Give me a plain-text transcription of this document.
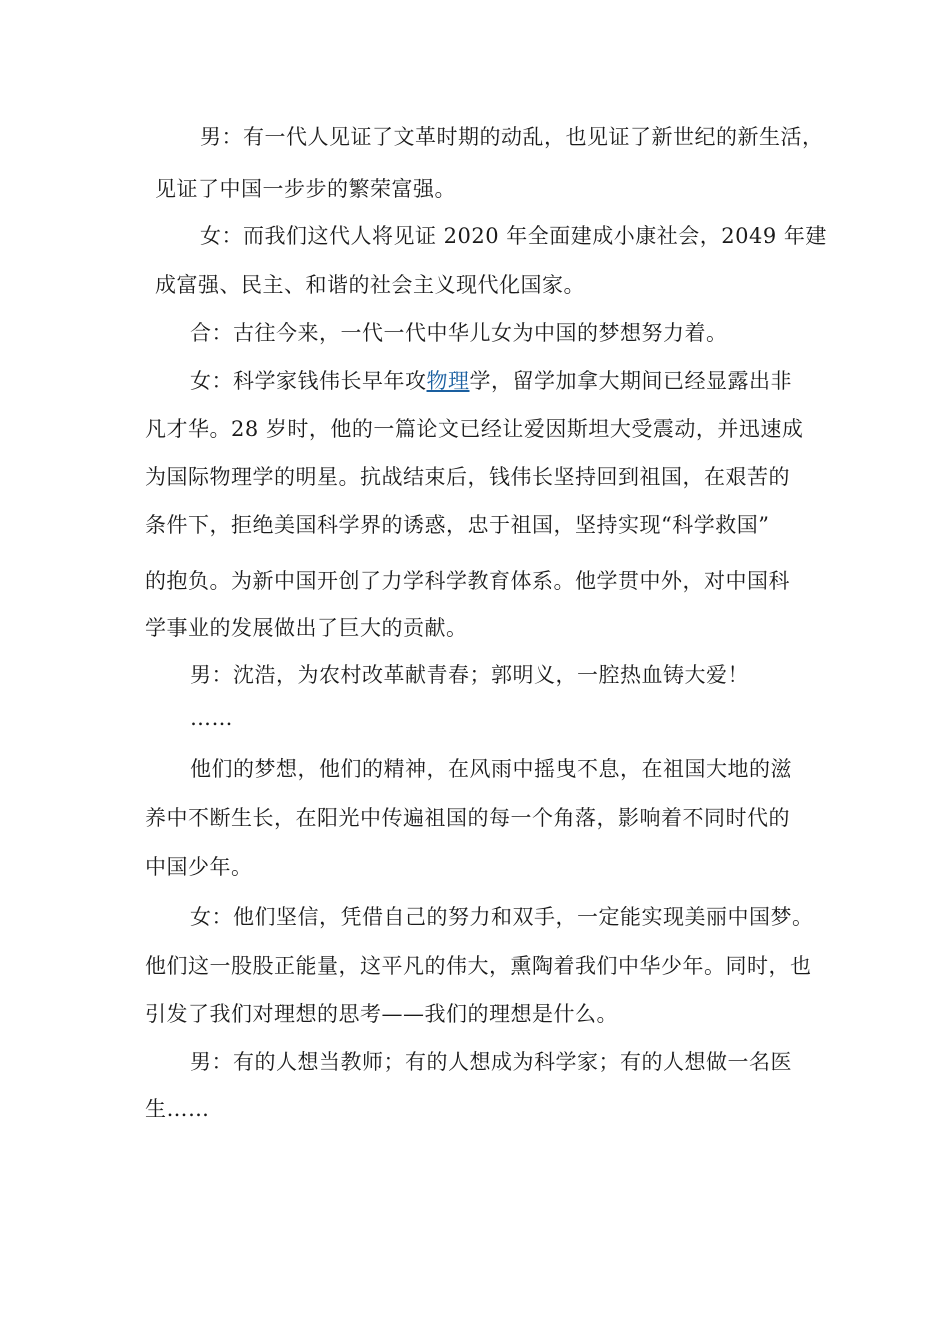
男：有一代人见证了文革时期的动乱，也见证了新世纪的新生活，
见证了中国一步步的繁荣富强。
女：而我们这代人将见证 2020 年全面建成小康社会，2049 年建
成富强、民主、和谐的社会主义现代化国家。
合：古往今来，一代一代中华儿女为中国的梦想努力着。
女：科学家钱伟长早年攻物理学，留学加拿大期间已经显露出非
凡才华。28 岁时，他的一篇论文已经让爱因斯坦大受震动，并迅速成
为国际物理学的明星。抗战结束后，钱伟长坚持回到祖国，在艰苦的
条件下，拒绝美国科学界的诱惑，忠于祖国，坚持实现“科学救国”
的抱负。为新中国开创了力学科学教育体系。他学贯中外，对中国科
学事业的发展做出了巨大的贡献。
男：沈浩，为农村改革献青春；郭明义，一腔热血铸大爱！
……
他们的梦想，他们的精神，在风雨中摇曳不息，在祖国大地的滋
养中不断生长，在阳光中传遍祖国的每一个角落，影响着不同时代的
中国少年。
女：他们坚信，凭借自己的努力和双手，一定能实现美丽中国梦。
他们这一股股正能量，这平凡的伟大，熏陶着我们中华少年。同时，也
引发了我们对理想的思考——我们的理想是什么。
男：有的人想当教师；有的人想成为科学家；有的人想做一名医
生……
